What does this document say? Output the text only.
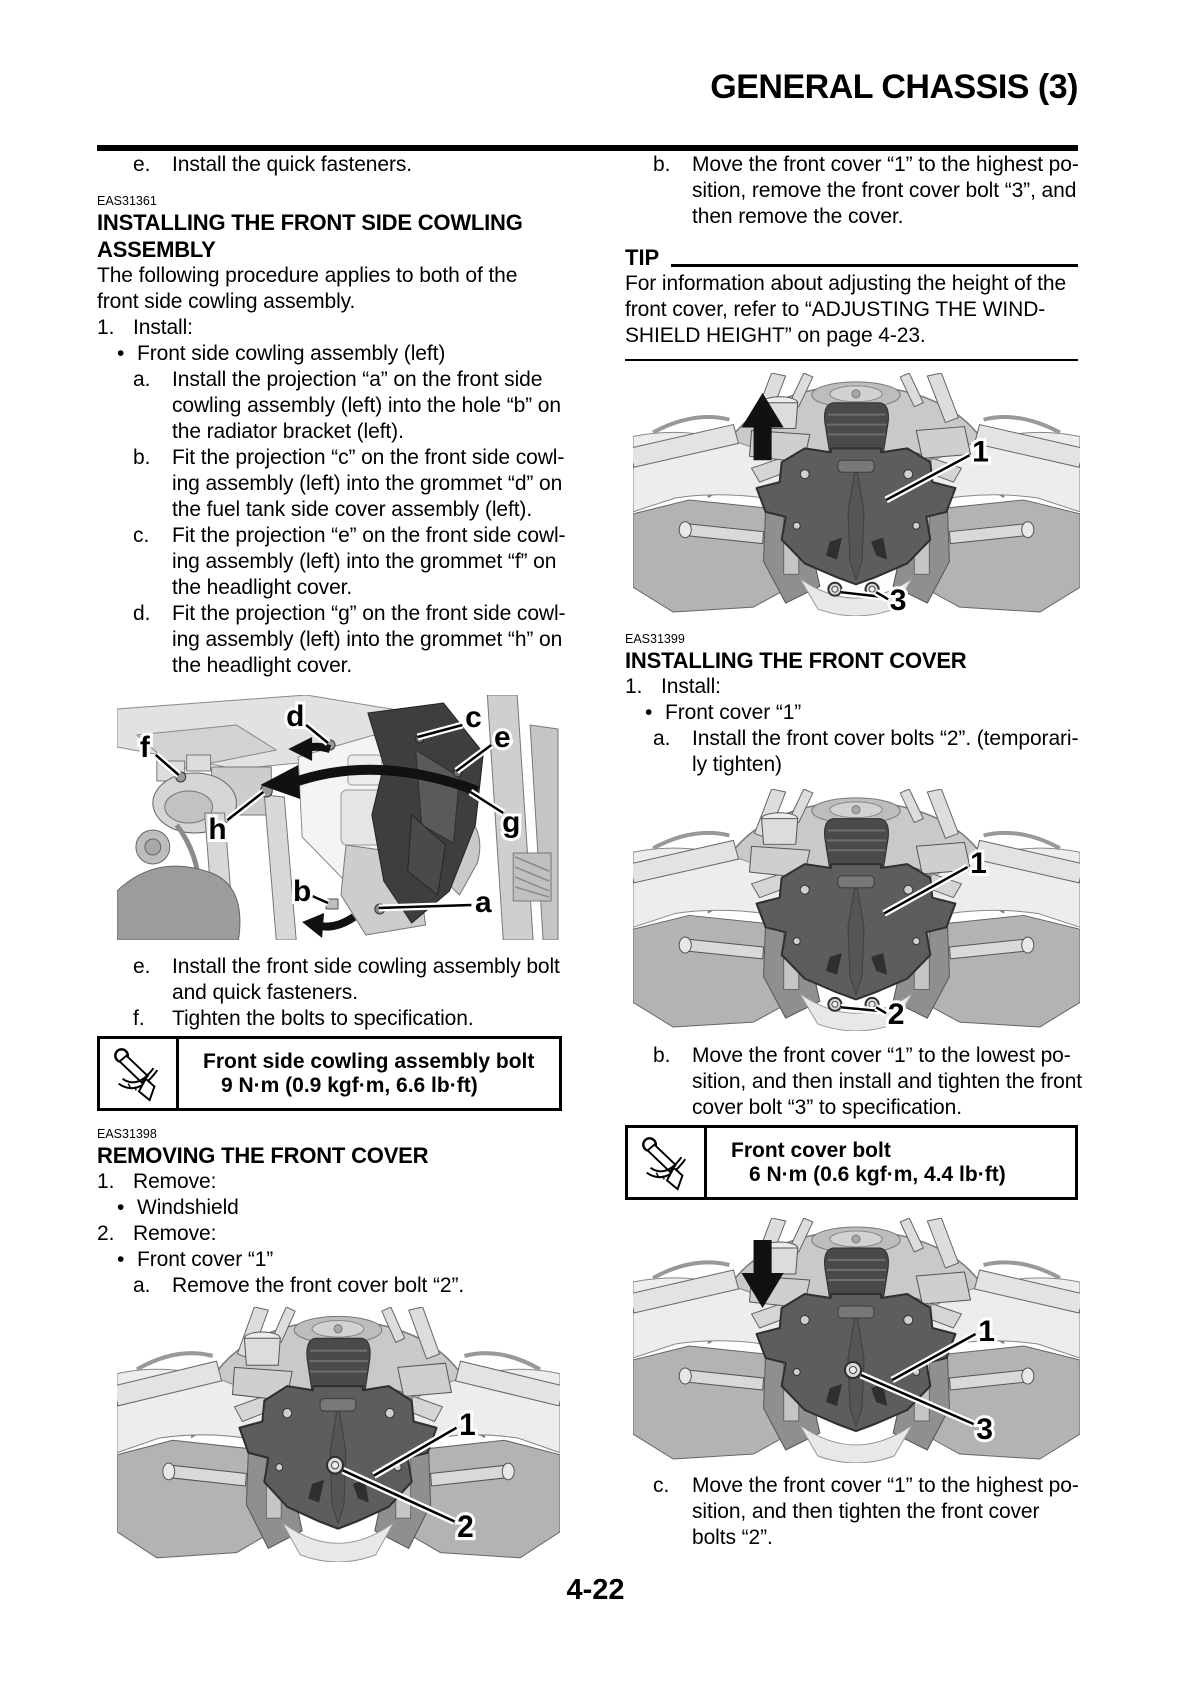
GENERAL CHASSIS (3)
e.	Install the quick fasteners.
EAS31361
INSTALLING THE FRONT SIDE COWLING
ASSEMBLY
The following procedure applies to both of the
front side cowling assembly.
1. Install:
• Front side cowling assembly (left)
a.	Install the projection “a” on the front side
cowling assembly (left) into the hole “b” on
the radiator bracket (left).
b.	Fit the projection “c” on the front side cowl-
ing assembly (left) into the grommet “d” on
the fuel tank side cover assembly (left).
c.	Fit the projection “e” on the front side cowl-
ing assembly (left) into the grommet “f” on
the headlight cover.
d.	Fit the projection “g” on the front side cowl-
ing assembly (left) into the grommet “h” on
the headlight cover.
d	c
e
f
h	g
b	a
e.	Install the front side cowling assembly bolt
and quick fasteners.
f.	Tighten the bolts to specification.
Front side cowling assembly bolt
9 N·m (0.9 kgf·m, 6.6 lb·ft)
EAS31398
REMOVING THE FRONT COVER
1. Remove:
• Windshield
2. Remove:
• Front cover “1”
a.	Remove the front cover bolt “2”.
1
2
b.	Move the front cover “1” to the highest po-
sition, remove the front cover bolt “3”, and
then remove the cover.
TIP
For information about adjusting the height of the
front cover, refer to “ADJUSTING THE WIND-
SHIELD HEIGHT” on page 4-23.
1
3
EAS31399
INSTALLING THE FRONT COVER
1. Install:
• Front cover “1”
a.	Install the front cover bolts “2”. (temporari-
ly tighten)
1
2
b.	Move the front cover “1” to the lowest po-
sition, and then install and tighten the front
cover bolt “3” to specification.
Front cover bolt
6 N·m (0.6 kgf·m, 4.4 lb·ft)
1
3
c.	Move the front cover “1” to the highest po-
sition, and then tighten the front cover
bolts “2”.
4-22
